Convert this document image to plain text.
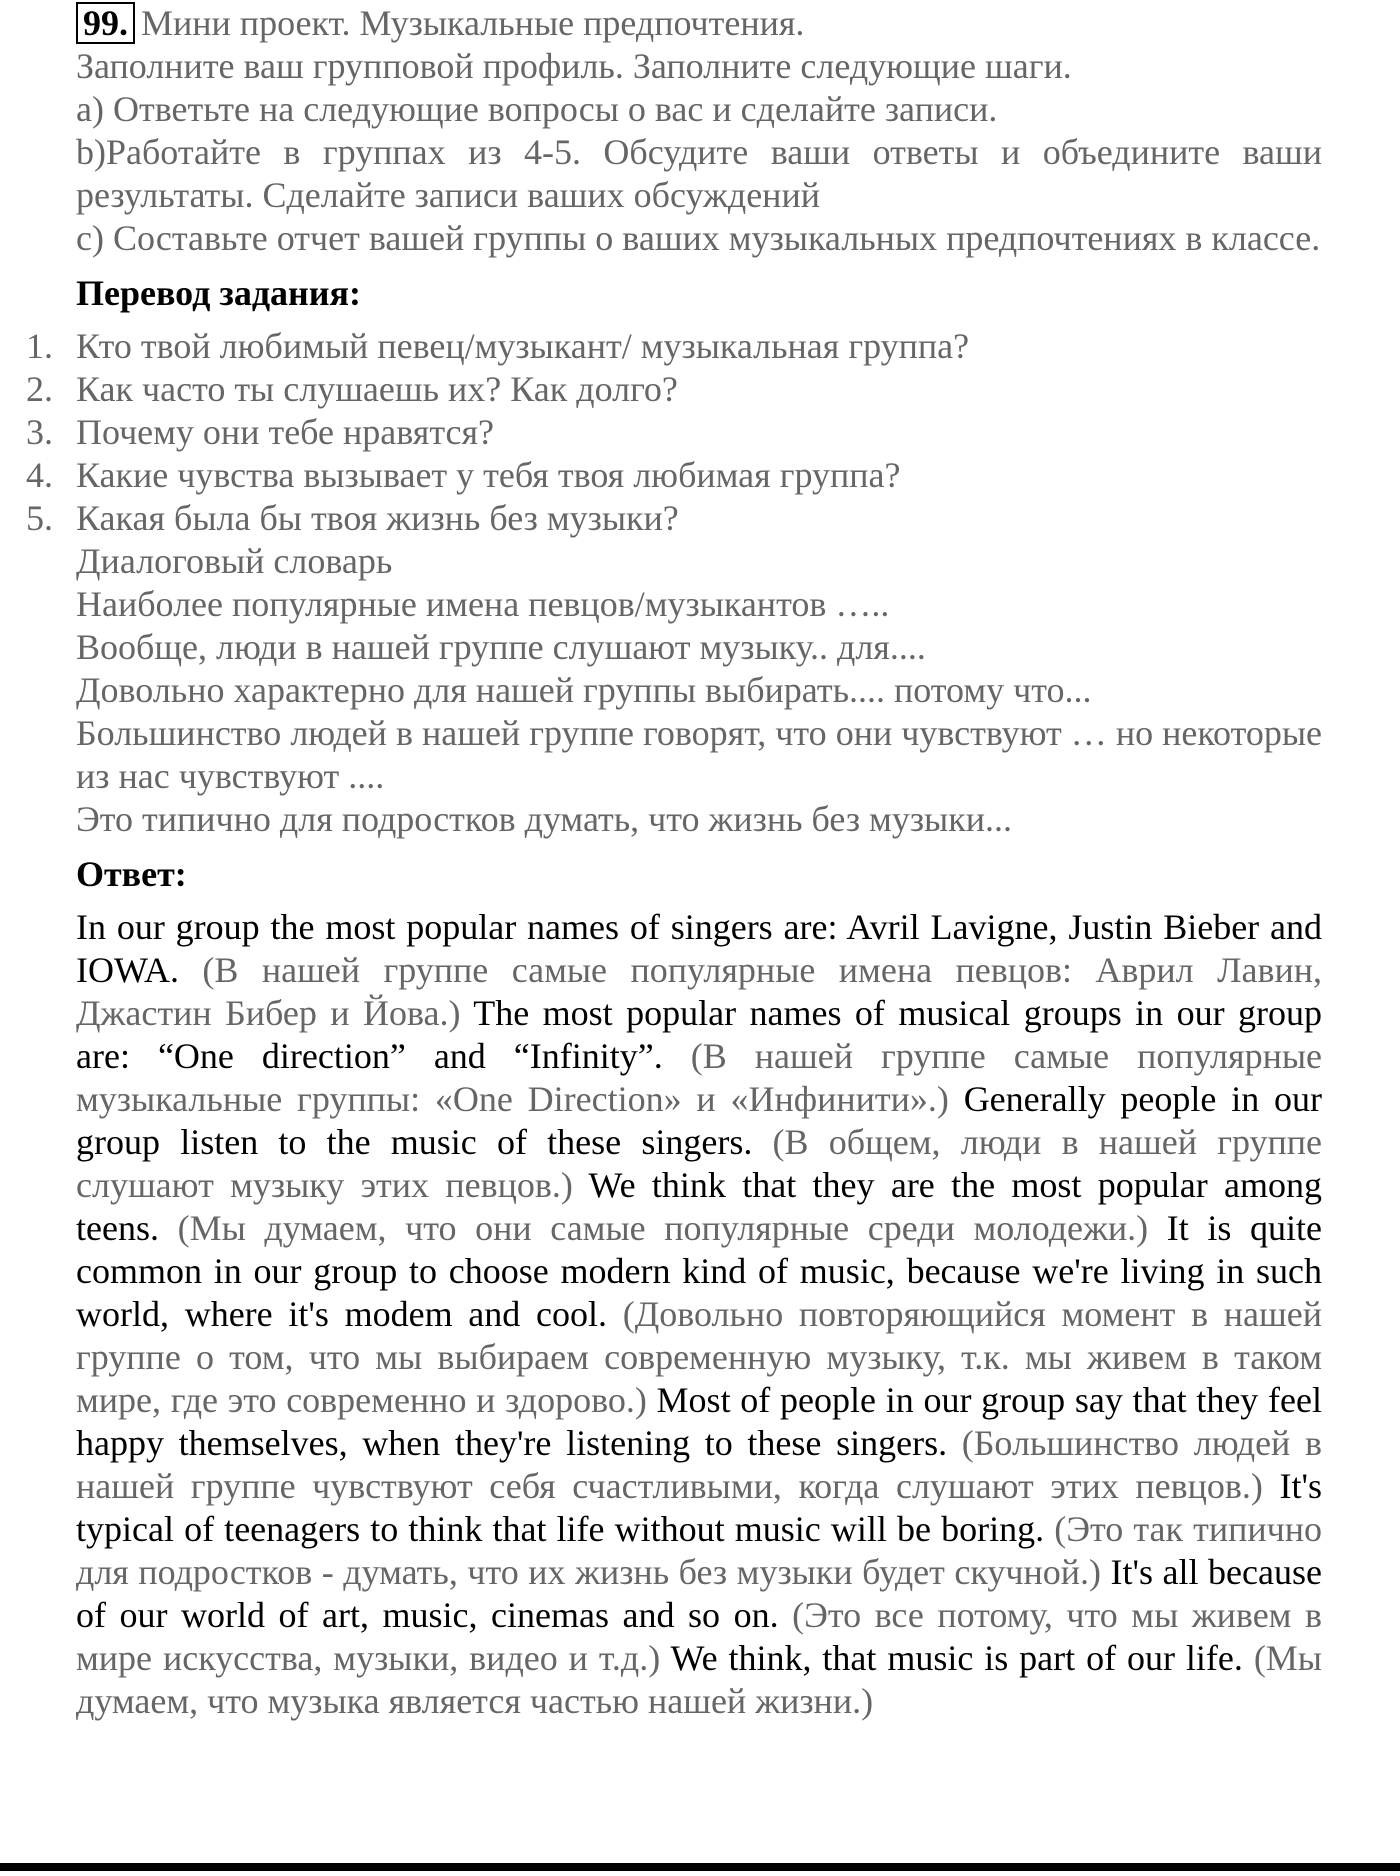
99. Мини проект. Музыкальные предпочтения.

Заполните ваш групповой профиль. Заполните следующие шаги.

a) Ответьте на следующие вопросы о вас и сделайте записи.

b)Работайте в группах из 4-5. Обсудите ваши ответы и объедините ваши результаты. Сделайте записи ваших обсуждений

c) Составьте отчет вашей группы о ваших музыкальных предпочтениях в классе.

Перевод задания:

1. Кто твой любимый певец/музыкант/ музыкальная группа?
2. Как часто ты слушаешь их? Как долго?
3. Почему они тебе нравятся?
4. Какие чувства вызывает у тебя твоя любимая группа?
5. Какая была бы твоя жизнь без музыки?

Диалоговый словарь

Наиболее популярные имена певцов/музыкантов …..

Вообще, люди в нашей группе слушают музыку.. для....

Довольно характерно для нашей группы выбирать.... потому что...

Большинство людей в нашей группе говорят, что они чувствуют … но некоторые из нас чувствуют ....

Это типично для подростков думать, что жизнь без музыки...

Ответ:

In our group the most popular names of singers are: Avril Lavigne, Justin Bieber and IOWA. (В нашей группе самые популярные имена певцов: Аврил Лавин, Джастин Бибер и Йова.) The most popular names of musical groups in our group are: “One direction” and “Infinity”. (В нашей группе самые популярные музыкальные группы: «One Direction» и «Инфинити».) Generally people in our group listen to the music of these singers. (В общем, люди в нашей группе слушают музыку этих певцов.) We think that they are the most popular among teens. (Мы думаем, что они самые популярные среди молодежи.) It is quite common in our group to choose modern kind of music, because we're living in such world, where it's modem and cool. (Довольно повторяющийся момент в нашей группе о том, что мы выбираем современную музыку, т.к. мы живем в таком мире, где это современно и здорово.) Most of people in our group say that they feel happy themselves, when they're listening to these singers. (Большинство людей в нашей группе чувствуют себя счастливыми, когда слушают этих певцов.) It's typical of teenagers to think that life without music will be boring. (Это так типично для подростков - думать, что их жизнь без музыки будет скучной.) It's all because of our world of art, music, cinemas and so on. (Это все потому, что мы живем в мире искусства, музыки, видео и т.д.) We think, that music is part of our life. (Мы думаем, что музыка является частью нашей жизни.)
